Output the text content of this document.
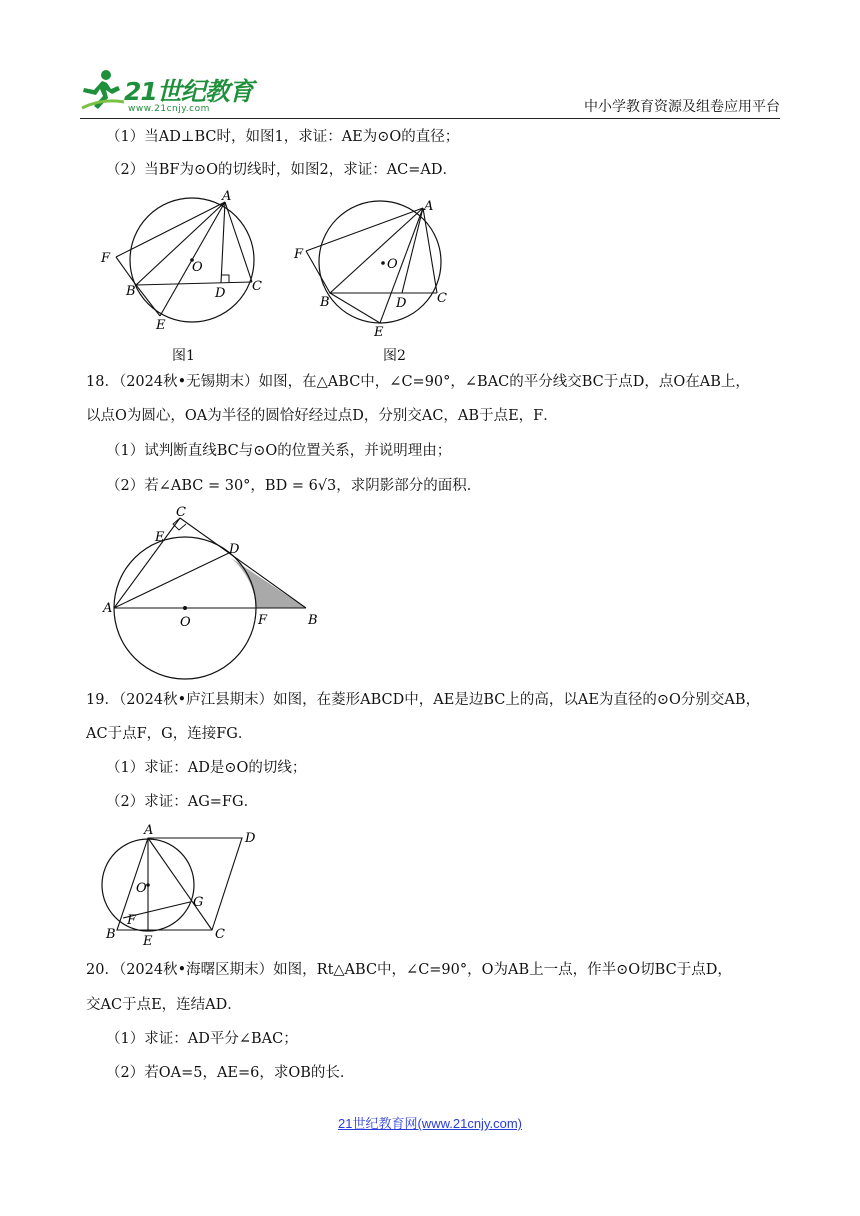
21世纪教育
www.21cnjy.com	中小学教育资源及组卷应用平台
（1）当AD⊥BC时，如图1，求证：AE为⊙O的直径；
（2）当BF为⊙O的切线时，如图2，求证：AC=AD．
A
F
B	D C
E
O
图1
A
F
B	D C
E
O
图2
18．（2024秋•无锡期末）如图，在△ABC中，∠C=90°，∠BAC的平分线交BC于点D，点O在AB上，
以点O为圆心，OA为半径的圆恰好经过点D，分别交AC，AB于点E，F．
（1）试判断直线BC与⊙O的位置关系，并说明理由；
（2）若∠ABC = 30°，BD = 6√3，求阴影部分的面积．
C
E
D
A
O	F	B
19．（2024秋•庐江县期末）如图，在菱形ABCD中，AE是边BC上的高，以AE为直径的⊙O分别交AB，
AC于点F，G，连接FG．
（1）求证：AD是⊙O的切线；
（2）求证：AG=FG．
A
D
O
G
F
B E	C
20．（2024秋•海曙区期末）如图，Rt△ABC中，∠C=90°，O为AB上一点，作半⊙O切BC于点D，
交AC于点E，连结AD．
（1）求证：AD平分∠BAC；
（2）若OA=5，AE=6，求OB的长．
21世纪教育网(www.21cnjy.com)
